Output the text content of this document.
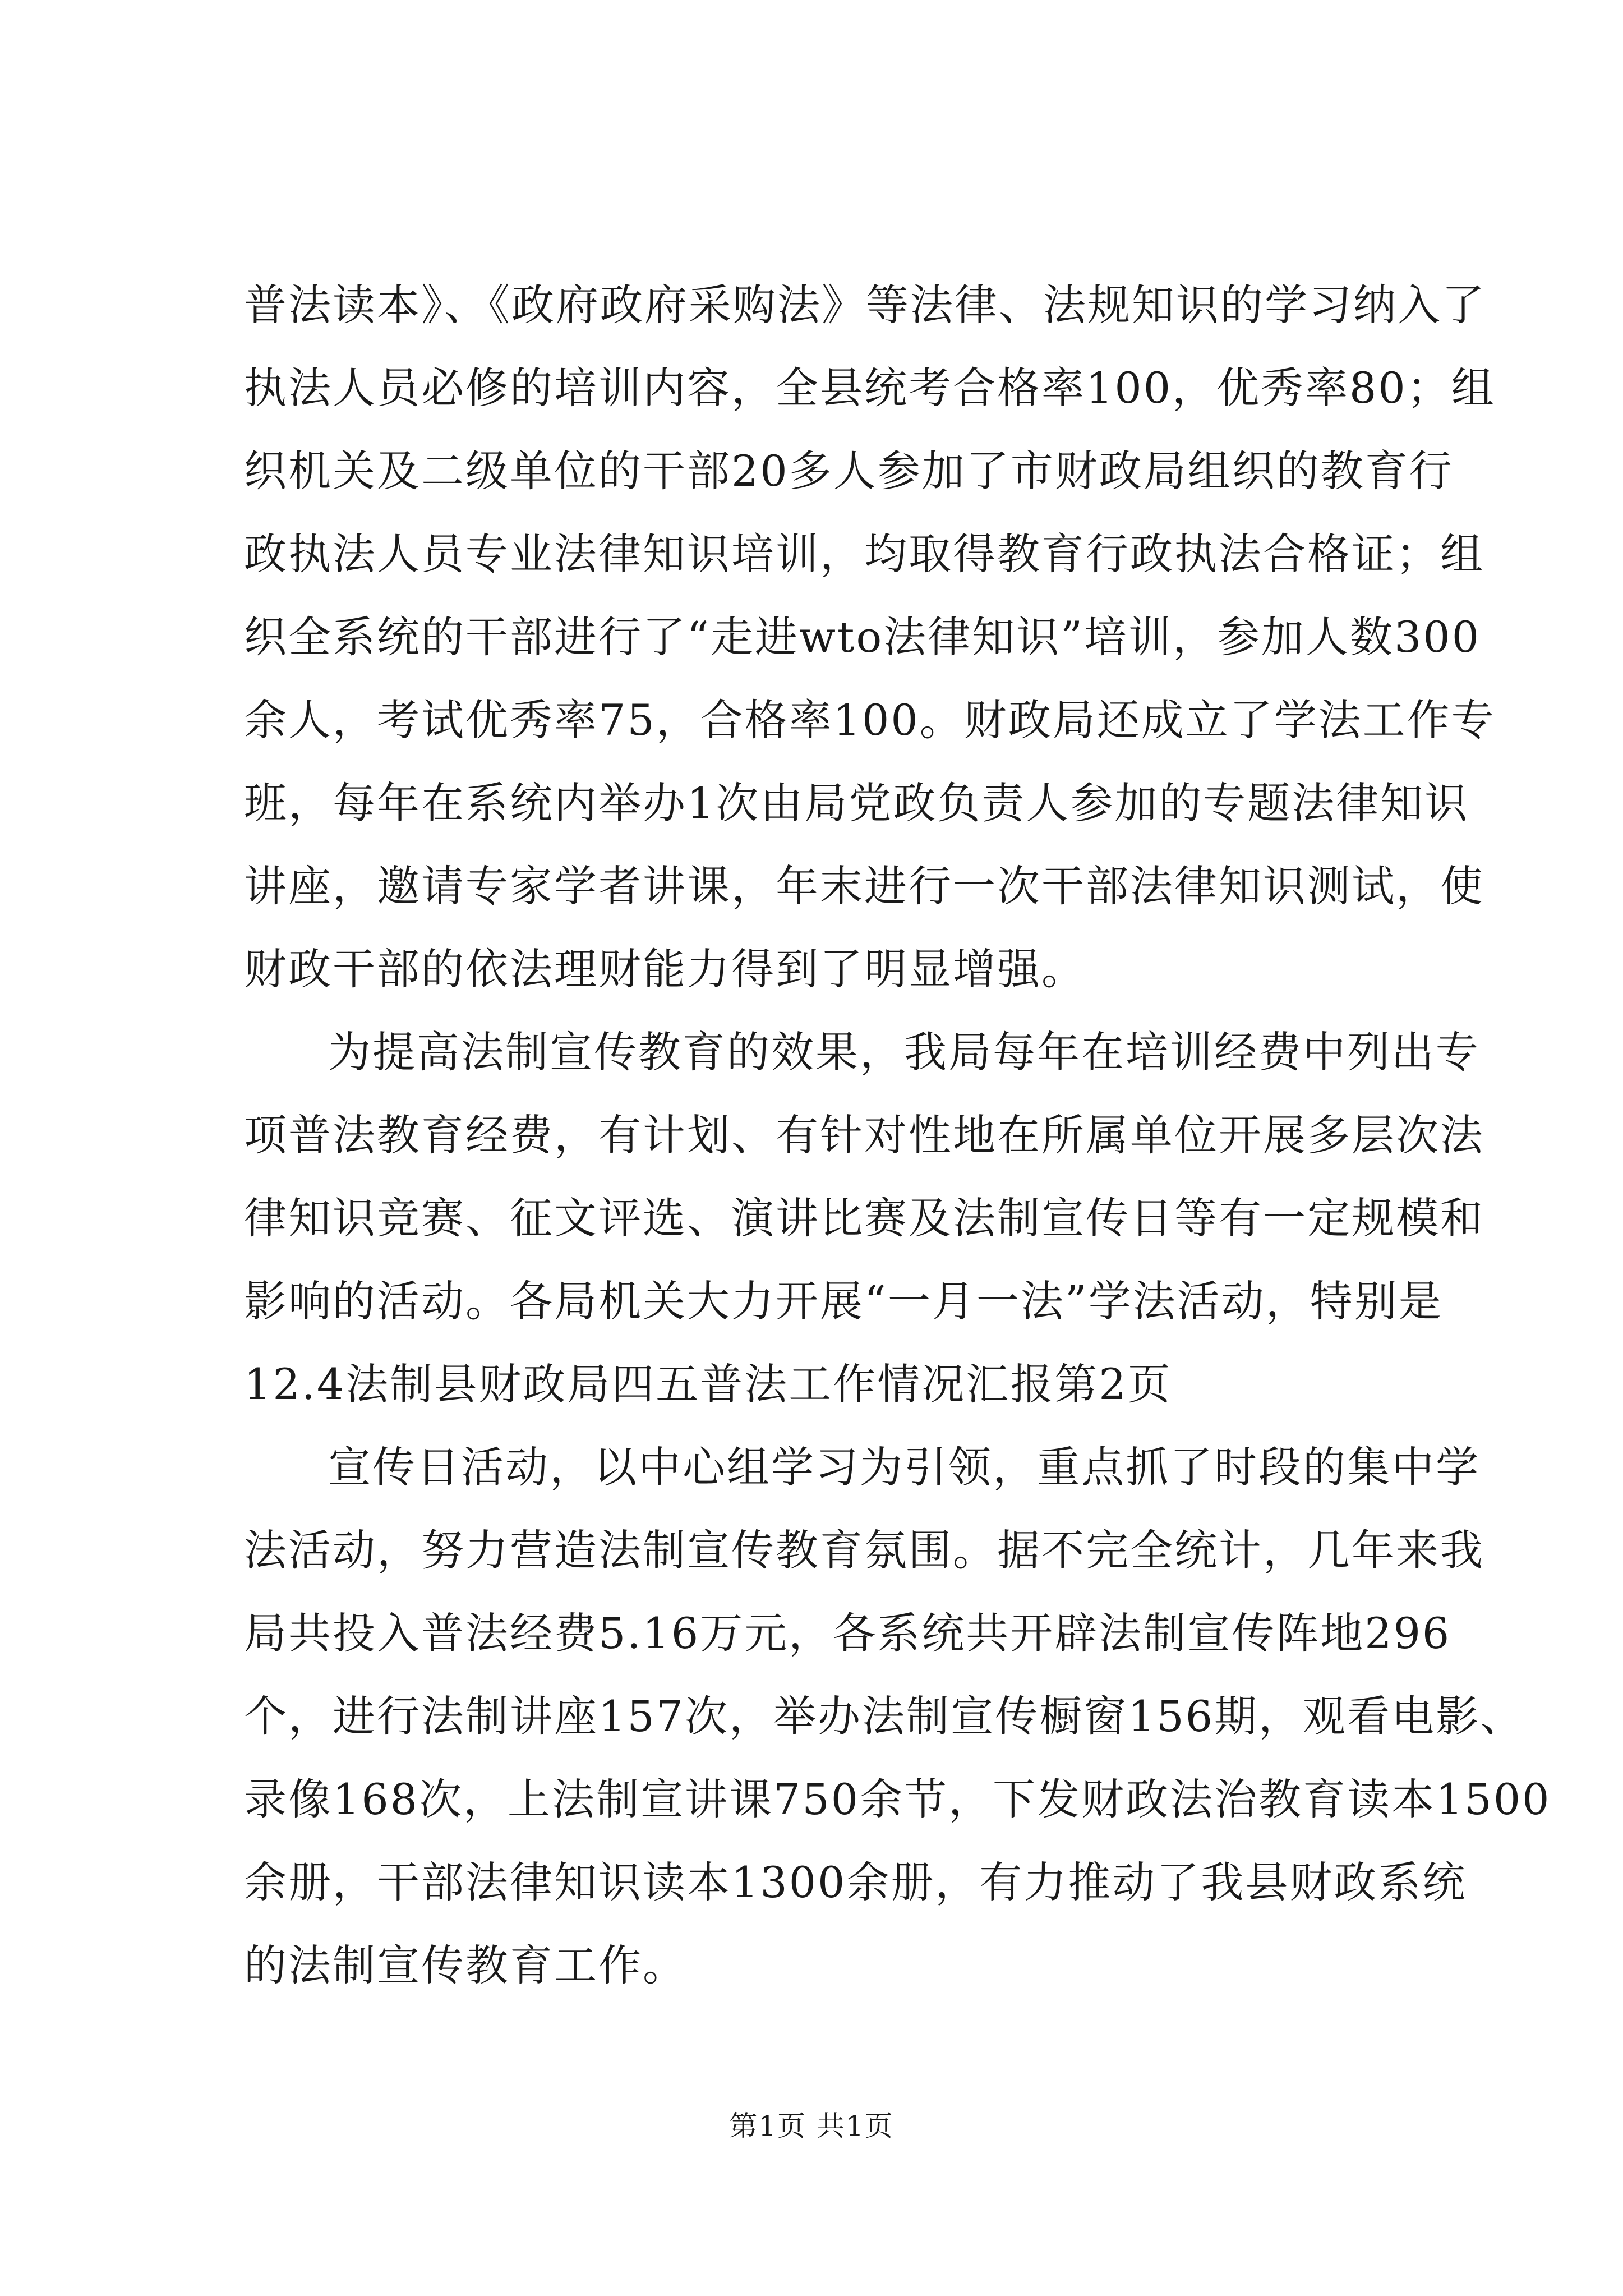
普法读本》、《政府政府采购法》等法律、法规知识的学习纳入了
执法人员必修的培训内容，全县统考合格率100，优秀率80；组
织机关及二级单位的干部20多人参加了市财政局组织的教育行
政执法人员专业法律知识培训，均取得教育行政执法合格证；组
织全系统的干部进行了“走进wto法律知识”培训，参加人数300
余人，考试优秀率75，合格率100。财政局还成立了学法工作专
班，每年在系统内举办1次由局党政负责人参加的专题法律知识
讲座，邀请专家学者讲课，年末进行一次干部法律知识测试，使
财政干部的依法理财能力得到了明显增强。
为提高法制宣传教育的效果，我局每年在培训经费中列出专
项普法教育经费，有计划、有针对性地在所属单位开展多层次法
律知识竞赛、征文评选、演讲比赛及法制宣传日等有一定规模和
影响的活动。各局机关大力开展“一月一法”学法活动，特别是
12.4法制县财政局四五普法工作情况汇报第2页
宣传日活动，以中心组学习为引领，重点抓了时段的集中学
法活动，努力营造法制宣传教育氛围。据不完全统计，几年来我
局共投入普法经费5.16万元，各系统共开辟法制宣传阵地296
个，进行法制讲座157次，举办法制宣传橱窗156期，观看电影、
录像168次，上法制宣讲课750余节，下发财政法治教育读本1500
余册，干部法律知识读本1300余册，有力推动了我县财政系统
的法制宣传教育工作。
第1页 共1页
